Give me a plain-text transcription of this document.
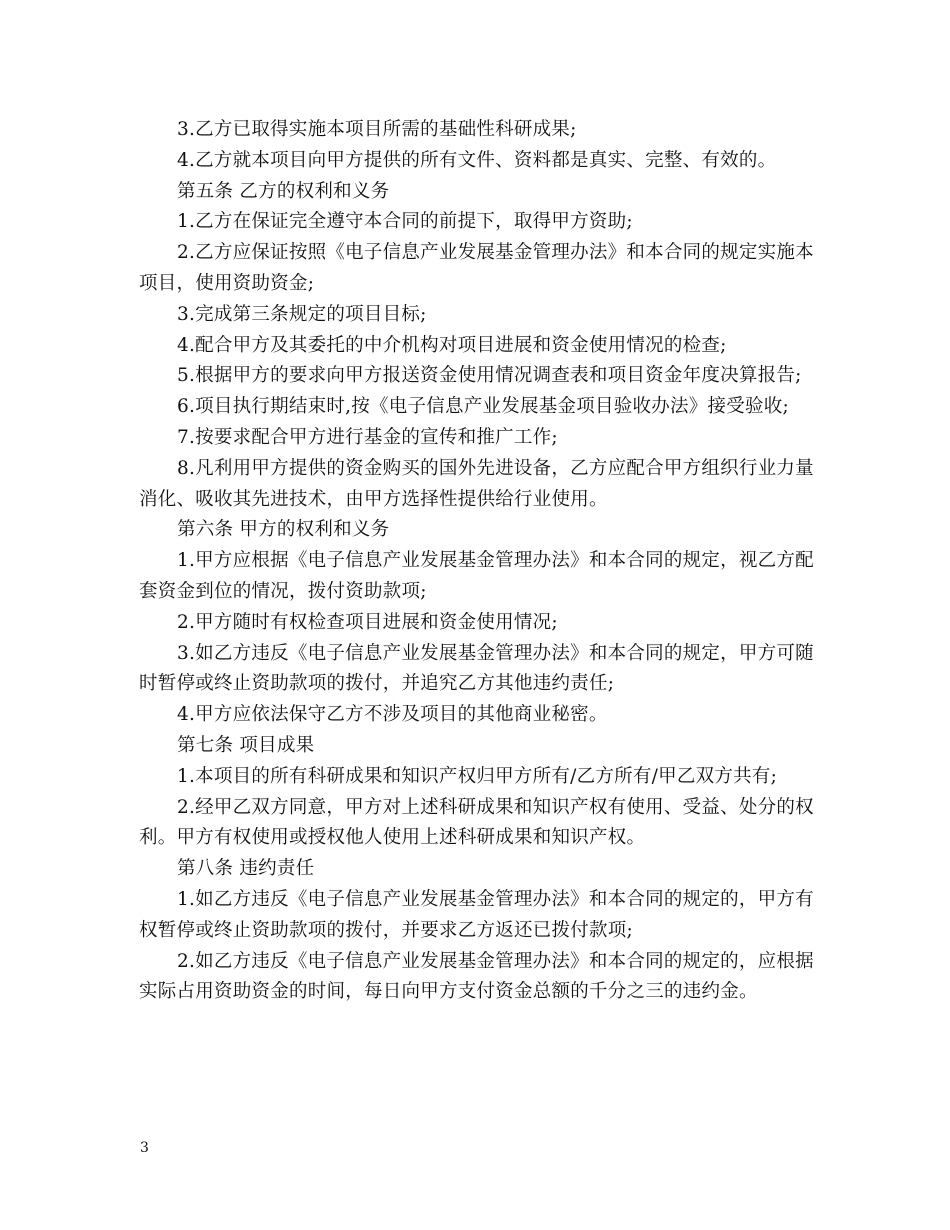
3.乙方已取得实施本项目所需的基础性科研成果;
4.乙方就本项目向甲方提供的所有文件、资料都是真实、完整、有效的。
第五条 乙方的权利和义务
1.乙方在保证完全遵守本合同的前提下，取得甲方资助;
2.乙方应保证按照《电子信息产业发展基金管理办法》和本合同的规定实施本
项目，使用资助资金;
3.完成第三条规定的项目目标;
4.配合甲方及其委托的中介机构对项目进展和资金使用情况的检查;
5.根据甲方的要求向甲方报送资金使用情况调查表和项目资金年度决算报告;
6.项目执行期结束时,按《电子信息产业发展基金项目验收办法》接受验收;
7.按要求配合甲方进行基金的宣传和推广工作;
8.凡利用甲方提供的资金购买的国外先进设备，乙方应配合甲方组织行业力量
消化、吸收其先进技术，由甲方选择性提供给行业使用。
第六条 甲方的权利和义务
1.甲方应根据《电子信息产业发展基金管理办法》和本合同的规定，视乙方配
套资金到位的情况，拨付资助款项;
2.甲方随时有权检查项目进展和资金使用情况;
3.如乙方违反《电子信息产业发展基金管理办法》和本合同的规定，甲方可随
时暂停或终止资助款项的拨付，并追究乙方其他违约责任;
4.甲方应依法保守乙方不涉及项目的其他商业秘密。
第七条 项目成果
1.本项目的所有科研成果和知识产权归甲方所有/乙方所有/甲乙双方共有;
2.经甲乙双方同意，甲方对上述科研成果和知识产权有使用、受益、处分的权
利。甲方有权使用或授权他人使用上述科研成果和知识产权。
第八条 违约责任
1.如乙方违反《电子信息产业发展基金管理办法》和本合同的规定的，甲方有
权暂停或终止资助款项的拨付，并要求乙方返还已拨付款项;
2.如乙方违反《电子信息产业发展基金管理办法》和本合同的规定的，应根据
实际占用资助资金的时间，每日向甲方支付资金总额的千分之三的违约金。
3
